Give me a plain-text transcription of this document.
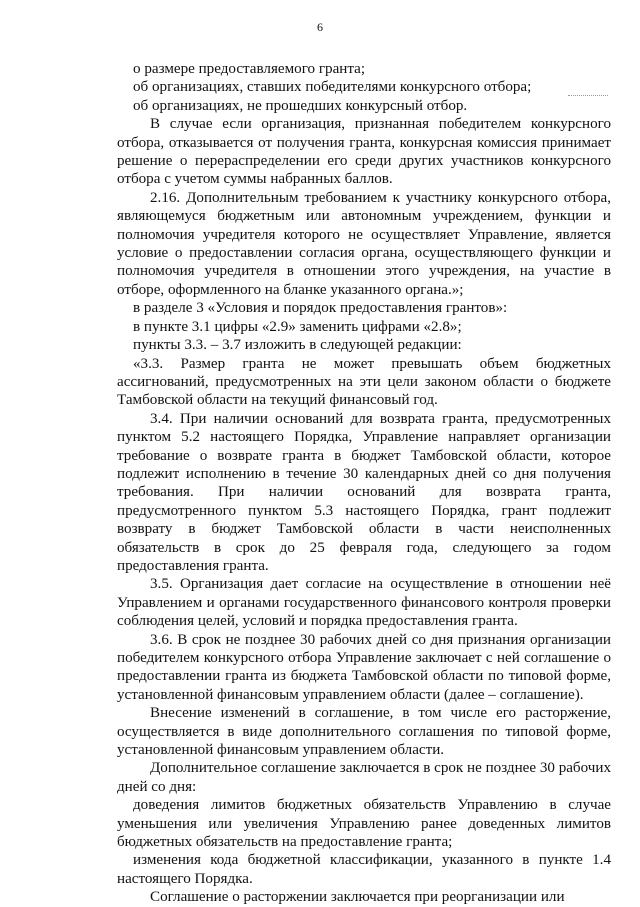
6

о размере предоставляемого гранта;

об организациях, ставших победителями конкурсного отбора;

об организациях, не прошедших конкурсный отбор.

В случае если организация, признанная победителем конкурсного отбора, отказывается от получения гранта, конкурсная комиссия принимает решение о перераспределении его среди других участников конкурсного отбора с учетом суммы набранных баллов.

2.16. Дополнительным требованием к участнику конкурсного отбора, являющемуся бюджетным или автономным учреждением, функции и полномочия учредителя которого не осуществляет Управление, является условие о предоставлении согласия органа, осуществляющего функции и полномочия учредителя в отношении этого учреждения, на участие в отборе, оформленного на бланке указанного органа.»;

в разделе 3 «Условия и порядок предоставления грантов»:

в пункте 3.1 цифры «2.9» заменить цифрами «2.8»;

пункты 3.3. – 3.7 изложить в следующей редакции:

«3.3. Размер гранта не может превышать объем бюджетных ассигнований, предусмотренных на эти цели законом области о бюджете Тамбовской области на текущий финансовый год.

3.4. При наличии оснований для возврата гранта, предусмотренных пунктом 5.2 настоящего Порядка, Управление направляет организации требование о возврате гранта в бюджет Тамбовской области, которое подлежит исполнению в течение 30 календарных дней со дня получения требования. При наличии оснований для возврата гранта, предусмотренного пунктом 5.3 настоящего Порядка, грант подлежит возврату в бюджет Тамбовской области в части неисполненных обязательств в срок до 25 февраля года, следующего за годом предоставления гранта.

3.5. Организация дает согласие на осуществление в отношении неё Управлением и органами государственного финансового контроля проверки соблюдения целей, условий и порядка предоставления гранта.

3.6. В срок не позднее 30 рабочих дней со дня признания организации победителем конкурсного отбора Управление заключает с ней соглашение о предоставлении гранта из бюджета Тамбовской области по типовой форме, установленной финансовым управлением области (далее – соглашение).

Внесение изменений в соглашение, в том числе его расторжение, осуществляется в виде дополнительного соглашения по типовой форме, установленной финансовым управлением области.

Дополнительное соглашение заключается в срок не позднее 30 рабочих дней со дня:

доведения лимитов бюджетных обязательств Управлению в случае уменьшения или увеличения Управлению ранее доведенных лимитов бюджетных обязательств на предоставление гранта;

изменения кода бюджетной классификации, указанного в пункте 1.4 настоящего Порядка.

Соглашение о расторжении заключается при реорганизации или
